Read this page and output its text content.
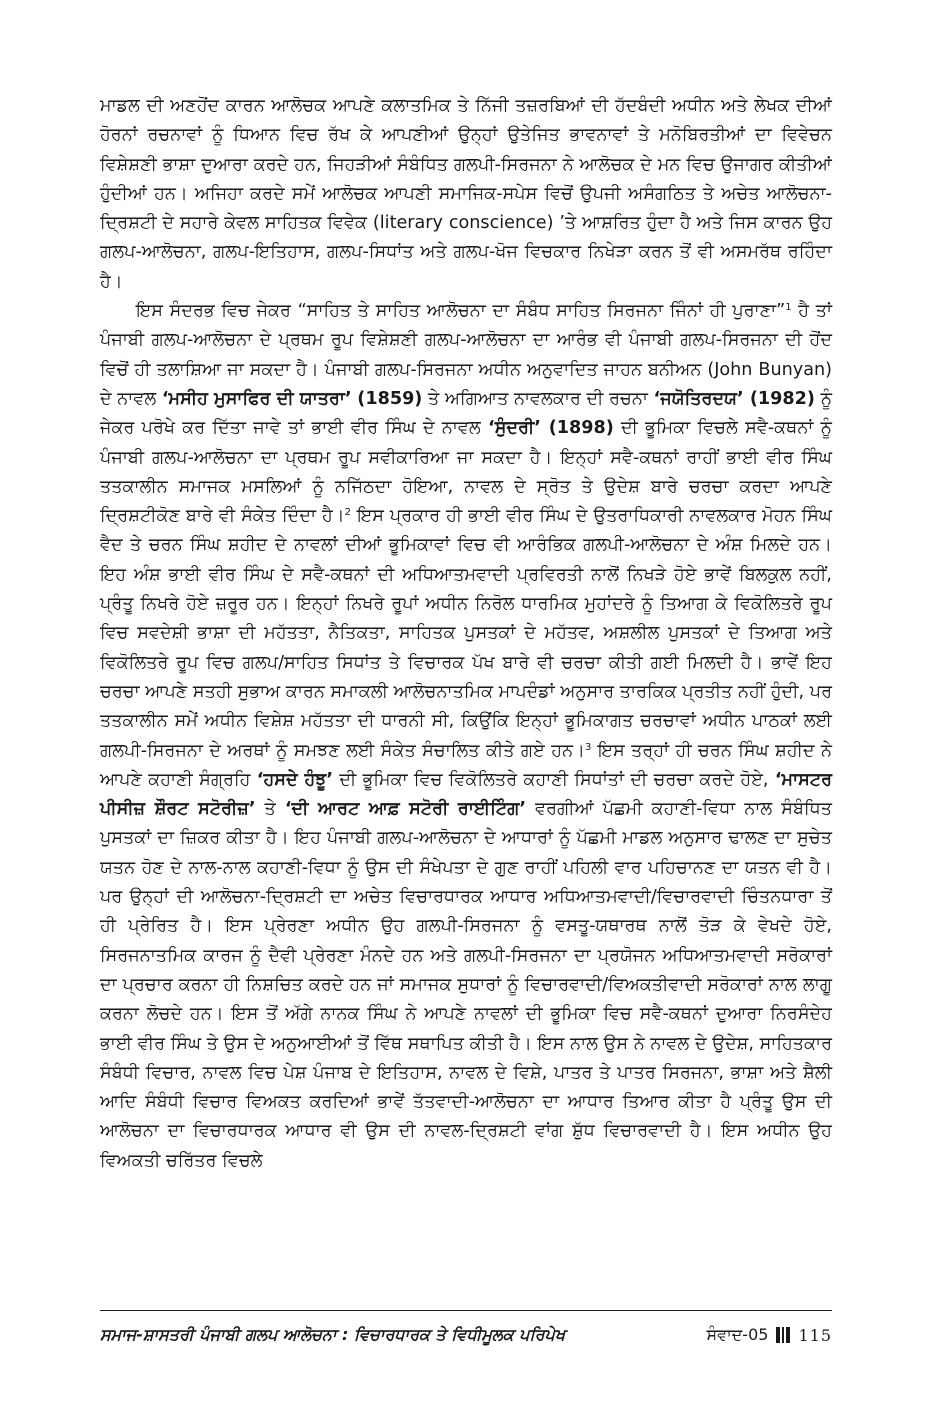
ਮਾਡਲ ਦੀ ਅਣਹੋਂਦ ਕਾਰਨ ਆਲੋਚਕ ਆਪਣੇ ਕਲਾਤਮਿਕ ਤੇ ਨਿੱਜੀ ਤਜ਼ਰਬਿਆਂ ਦੀ ਹੱਦਬੰਦੀ ਅਧੀਨ ਅਤੇ ਲੇਖਕ ਦੀਆਂ ਹੋਰਨਾਂ ਰਚਨਾਵਾਂ ਨੂੰ ਧਿਆਨ ਵਿਚ ਰੱਖ ਕੇ ਆਪਣੀਆਂ ਉਨ੍ਹਾਂ ਉਤੇਜਿਤ ਭਾਵਨਾਵਾਂ ਤੇ ਮਨੋਬਿਰਤੀਆਂ ਦਾ ਵਿਵੇਚਨ ਵਿਸ਼ੇਸ਼ਣੀ ਭਾਸ਼ਾ ਦੁਆਰਾ ਕਰਦੇ ਹਨ, ਜਿਹੜੀਆਂ ਸੰਬੰਧਿਤ ਗਲਪੀ-ਸਿਰਜਨਾ ਨੇ ਆਲੋਚਕ ਦੇ ਮਨ ਵਿਚ ਉਜਾਗਰ ਕੀਤੀਆਂ ਹੁੰਦੀਆਂ ਹਨ। ਅਜਿਹਾ ਕਰਦੇ ਸਮੇਂ ਆਲੋਚਕ ਆਪਣੀ ਸਮਾਜਿਕ-ਸਪੇਸ ਵਿਚੋਂ ਉਪਜੀ ਅਸੰਗਠਿਤ ਤੇ ਅਚੇਤ ਆਲੋਚਨਾ-ਦ੍ਰਿਸ਼ਟੀ ਦੇ ਸਹਾਰੇ ਕੇਵਲ ਸਾਹਿਤਕ ਵਿਵੇਕ (literary conscience) ’ਤੇ ਆਸ਼ਰਿਤ ਹੁੰਦਾ ਹੈ ਅਤੇ ਜਿਸ ਕਾਰਨ ਉਹ ਗਲਪ-ਆਲੋਚਨਾ, ਗਲਪ-ਇਤਿਹਾਸ, ਗਲਪ-ਸਿਧਾਂਤ ਅਤੇ ਗਲਪ-ਖੋਜ ਵਿਚਕਾਰ ਨਿਖੇੜਾ ਕਰਨ ਤੋਂ ਵੀ ਅਸਮਰੱਥ ਰਹਿੰਦਾ ਹੈ।

ਇਸ ਸੰਦਰਭ ਵਿਚ ਜੇਕਰ “ਸਾਹਿਤ ਤੇ ਸਾਹਿਤ ਆਲੋਚਨਾ ਦਾ ਸੰਬੰਧ ਸਾਹਿਤ ਸਿਰਜਨਾ ਜਿੰਨਾਂ ਹੀ ਪੁਰਾਣਾ”$^1$ ਹੈ ਤਾਂ ਪੰਜਾਬੀ ਗਲਪ-ਆਲੋਚਨਾ ਦੇ ਪ੍ਰਥਮ ਰੂਪ ਵਿਸ਼ੇਸ਼ਣੀ ਗਲਪ-ਆਲੋਚਨਾ ਦਾ ਆਰੰਭ ਵੀ ਪੰਜਾਬੀ ਗਲਪ-ਸਿਰਜਨਾ ਦੀ ਹੋਂਦ ਵਿਚੋਂ ਹੀ ਤਲਾਸ਼ਿਆ ਜਾ ਸਕਦਾ ਹੈ। ਪੰਜਾਬੀ ਗਲਪ-ਸਿਰਜਨਾ ਅਧੀਨ ਅਨੁਵਾਦਿਤ ਜਾਹਨ ਬਨੀਅਨ (John Bunyan) ਦੇ ਨਾਵਲ ‘ਮਸੀਹ ਮੁਸਾਫਿਰ ਦੀ ਯਾਤਰਾ’ (1859) ਤੇ ਅਗਿਆਤ ਨਾਵਲਕਾਰ ਦੀ ਰਚਨਾ ‘ਜਯੋਤਿਰਦਯ’ (1982) ਨੂੰ ਜੇਕਰ ਪਰੋਖੇ ਕਰ ਦਿੱਤਾ ਜਾਵੇ ਤਾਂ ਭਾਈ ਵੀਰ ਸਿੰਘ ਦੇ ਨਾਵਲ ‘ਸੁੰਦਰੀ’ (1898) ਦੀ ਭੂਮਿਕਾ ਵਿਚਲੇ ਸਵੈ-ਕਥਨਾਂ ਨੂੰ ਪੰਜਾਬੀ ਗਲਪ-ਆਲੋਚਨਾ ਦਾ ਪ੍ਰਥਮ ਰੂਪ ਸਵੀਕਾਰਿਆ ਜਾ ਸਕਦਾ ਹੈ। ਇਨ੍ਹਾਂ ਸਵੈ-ਕਥਨਾਂ ਰਾਹੀਂ ਭਾਈ ਵੀਰ ਸਿੰਘ ਤਤਕਾਲੀਨ ਸਮਾਜਕ ਮਸਲਿਆਂ ਨੂੰ ਨਜਿੱਠਦਾ ਹੋਇਆ, ਨਾਵਲ ਦੇ ਸ੍ਰੋਤ ਤੇ ਉਦੇਸ਼ ਬਾਰੇ ਚਰਚਾ ਕਰਦਾ ਆਪਣੇ ਦ੍ਰਿਸ਼ਟੀਕੋਣ ਬਾਰੇ ਵੀ ਸੰਕੇਤ ਦਿੰਦਾ ਹੈ।$^2$ ਇਸ ਪ੍ਰਕਾਰ ਹੀ ਭਾਈ ਵੀਰ ਸਿੰਘ ਦੇ ਉਤਰਾਧਿਕਾਰੀ ਨਾਵਲਕਾਰ ਮੋਹਨ ਸਿੰਘ ਵੈਦ ਤੇ ਚਰਨ ਸਿੰਘ ਸ਼ਹੀਦ ਦੇ ਨਾਵਲਾਂ ਦੀਆਂ ਭੂਮਿਕਾਵਾਂ ਵਿਚ ਵੀ ਆਰੰਭਿਕ ਗਲਪੀ-ਆਲੋਚਨਾ ਦੇ ਅੰਸ਼ ਮਿਲਦੇ ਹਨ। ਇਹ ਅੰਸ਼ ਭਾਈ ਵੀਰ ਸਿੰਘ ਦੇ ਸਵੈ-ਕਥਨਾਂ ਦੀ ਅਧਿਆਤਮਵਾਦੀ ਪ੍ਰਵਿਰਤੀ ਨਾਲੋਂ ਨਿਖੜੇ ਹੋਏ ਭਾਵੇਂ ਬਿਲਕੁਲ ਨਹੀਂ, ਪ੍ਰੰਤੂ ਨਿਖਰੇ ਹੋਏ ਜ਼ਰੂਰ ਹਨ। ਇਨ੍ਹਾਂ ਨਿਖਰੇ ਰੂਪਾਂ ਅਧੀਨ ਨਿਰੋਲ ਧਾਰਮਿਕ ਮੁਹਾਂਦਰੇ ਨੂੰ ਤਿਆਗ ਕੇ ਵਿਕੋਲਿਤਰੇ ਰੂਪ ਵਿਚ ਸਵਦੇਸ਼ੀ ਭਾਸ਼ਾ ਦੀ ਮਹੱਤਤਾ, ਨੈਤਿਕਤਾ, ਸਾਹਿਤਕ ਪੁਸਤਕਾਂ ਦੇ ਮਹੱਤਵ, ਅਸ਼ਲੀਲ ਪੁਸਤਕਾਂ ਦੇ ਤਿਆਗ ਅਤੇ ਵਿਕੋਲਿਤਰੇ ਰੂਪ ਵਿਚ ਗਲਪ/ਸਾਹਿਤ ਸਿਧਾਂਤ ਤੇ ਵਿਚਾਰਕ ਪੱਖ ਬਾਰੇ ਵੀ ਚਰਚਾ ਕੀਤੀ ਗਈ ਮਿਲਦੀ ਹੈ। ਭਾਵੇਂ ਇਹ ਚਰਚਾ ਆਪਣੇ ਸਤਹੀ ਸੁਭਾਅ ਕਾਰਨ ਸਮਾਕਲੀ ਆਲੋਚਨਾਤਮਿਕ ਮਾਪਦੰਡਾਂ ਅਨੁਸਾਰ ਤਾਰਕਿਕ ਪ੍ਰਤੀਤ ਨਹੀਂ ਹੁੰਦੀ, ਪਰ ਤਤਕਾਲੀਨ ਸਮੇਂ ਅਧੀਨ ਵਿਸ਼ੇਸ਼ ਮਹੱਤਤਾ ਦੀ ਧਾਰਨੀ ਸੀ, ਕਿਉਂਕਿ ਇਨ੍ਹਾਂ ਭੂਮਿਕਾਗਤ ਚਰਚਾਵਾਂ ਅਧੀਨ ਪਾਠਕਾਂ ਲਈ ਗਲਪੀ-ਸਿਰਜਨਾ ਦੇ ਅਰਥਾਂ ਨੂੰ ਸਮਝਣ ਲਈ ਸੰਕੇਤ ਸੰਚਾਲਿਤ ਕੀਤੇ ਗਏ ਹਨ।$^3$ ਇਸ ਤਰ੍ਹਾਂ ਹੀ ਚਰਨ ਸਿੰਘ ਸ਼ਹੀਦ ਨੇ ਆਪਣੇ ਕਹਾਣੀ ਸੰਗ੍ਰਹਿ ‘ਹਸਦੇ ਹੰਝੂ’ ਦੀ ਭੂਮਿਕਾ ਵਿਚ ਵਿਕੋਲਿਤਰੇ ਕਹਾਣੀ ਸਿਧਾਂਤਾਂ ਦੀ ਚਰਚਾ ਕਰਦੇ ਹੋਏ, ‘ਮਾਸਟਰ ਪੀਸੀਜ਼ ਸ਼ੌਰਟ ਸਟੋਰੀਜ਼’ ਤੇ ‘ਦੀ ਆਰਟ ਆਫ਼ ਸਟੋਰੀ ਰਾਈਟਿੰਗ’ ਵਰਗੀਆਂ ਪੱਛਮੀ ਕਹਾਣੀ-ਵਿਧਾ ਨਾਲ ਸੰਬੰਧਿਤ ਪੁਸਤਕਾਂ ਦਾ ਜ਼ਿਕਰ ਕੀਤਾ ਹੈ। ਇਹ ਪੰਜਾਬੀ ਗਲਪ-ਆਲੋਚਨਾ ਦੇ ਆਧਾਰਾਂ ਨੂੰ ਪੱਛਮੀ ਮਾਡਲ ਅਨੁਸਾਰ ਢਾਲਣ ਦਾ ਸੁਚੇਤ ਯਤਨ ਹੋਣ ਦੇ ਨਾਲ-ਨਾਲ ਕਹਾਣੀ-ਵਿਧਾ ਨੂੰ ਉਸ ਦੀ ਸੰਖੇਪਤਾ ਦੇ ਗੁਣ ਰਾਹੀਂ ਪਹਿਲੀ ਵਾਰ ਪਹਿਚਾਨਣ ਦਾ ਯਤਨ ਵੀ ਹੈ। ਪਰ ਉਨ੍ਹਾਂ ਦੀ ਆਲੋਚਨਾ-ਦ੍ਰਿਸ਼ਟੀ ਦਾ ਅਚੇਤ ਵਿਚਾਰਧਾਰਕ ਆਧਾਰ ਅਧਿਆਤਮਵਾਦੀ/ਵਿਚਾਰਵਾਦੀ ਚਿੰਤਨਧਾਰਾ ਤੋਂ ਹੀ ਪ੍ਰੇਰਿਤ ਹੈ। ਇਸ ਪ੍ਰੇਰਣਾ ਅਧੀਨ ਉਹ ਗਲਪੀ-ਸਿਰਜਨਾ ਨੂੰ ਵਸਤੂ-ਯਥਾਰਥ ਨਾਲੋਂ ਤੋੜ ਕੇ ਵੇਖਦੇ ਹੋਏ, ਸਿਰਜਨਾਤਮਿਕ ਕਾਰਜ ਨੂੰ ਦੈਵੀ ਪ੍ਰੇਰਣਾ ਮੰਨਦੇ ਹਨ ਅਤੇ ਗਲਪੀ-ਸਿਰਜਨਾ ਦਾ ਪ੍ਰਯੋਜਨ ਅਧਿਆਤਮਵਾਦੀ ਸਰੋਕਾਰਾਂ ਦਾ ਪ੍ਰਚਾਰ ਕਰਨਾ ਹੀ ਨਿਸ਼ਚਿਤ ਕਰਦੇ ਹਨ ਜਾਂ ਸਮਾਜਕ ਸੁਧਾਰਾਂ ਨੂੰ ਵਿਚਾਰਵਾਦੀ/ਵਿਅਕਤੀਵਾਦੀ ਸਰੋਕਾਰਾਂ ਨਾਲ ਲਾਗੂ ਕਰਨਾ ਲੋਚਦੇ ਹਨ। ਇਸ ਤੋਂ ਅੱਗੇ ਨਾਨਕ ਸਿੰਘ ਨੇ ਆਪਣੇ ਨਾਵਲਾਂ ਦੀ ਭੂਮਿਕਾ ਵਿਚ ਸਵੈ-ਕਥਨਾਂ ਦੁਆਰਾ ਨਿਰਸੰਦੇਹ ਭਾਈ ਵੀਰ ਸਿੰਘ ਤੇ ਉਸ ਦੇ ਅਨੁਆਈਆਂ ਤੋਂ ਵਿੱਥ ਸਥਾਪਿਤ ਕੀਤੀ ਹੈ। ਇਸ ਨਾਲ ਉਸ ਨੇ ਨਾਵਲ ਦੇ ਉਦੇਸ਼, ਸਾਹਿਤਕਾਰ ਸੰਬੰਧੀ ਵਿਚਾਰ, ਨਾਵਲ ਵਿਚ ਪੇਸ਼ ਪੰਜਾਬ ਦੇ ਇਤਿਹਾਸ, ਨਾਵਲ ਦੇ ਵਿਸ਼ੇ, ਪਾਤਰ ਤੇ ਪਾਤਰ ਸਿਰਜਨਾ, ਭਾਸ਼ਾ ਅਤੇ ਸ਼ੈਲੀ ਆਦਿ ਸੰਬੰਧੀ ਵਿਚਾਰ ਵਿਅਕਤ ਕਰਦਿਆਂ ਭਾਵੇਂ ਤੱਤਵਾਦੀ-ਆਲੋਚਨਾ ਦਾ ਆਧਾਰ ਤਿਆਰ ਕੀਤਾ ਹੈ ਪ੍ਰੰਤੂ ਉਸ ਦੀ ਆਲੋਚਨਾ ਦਾ ਵਿਚਾਰਧਾਰਕ ਆਧਾਰ ਵੀ ਉਸ ਦੀ ਨਾਵਲ-ਦ੍ਰਿਸ਼ਟੀ ਵਾਂਗ ਸ਼ੁੱਧ ਵਿਚਾਰਵਾਦੀ ਹੈ। ਇਸ ਅਧੀਨ ਉਹ ਵਿਅਕਤੀ ਚਰਿੱਤਰ ਵਿਚਲੇ

ਸਮਾਜ-ਸ਼ਾਸਤਰੀ ਪੰਜਾਬੀ ਗਲਪ ਆਲੋਚਨਾ : ਵਿਚਾਰਧਾਰਕ ਤੇ ਵਿਧੀਮੂਲਕ ਪਰਿਪੇਖ	ਸੰਵਾਦ-05 115
